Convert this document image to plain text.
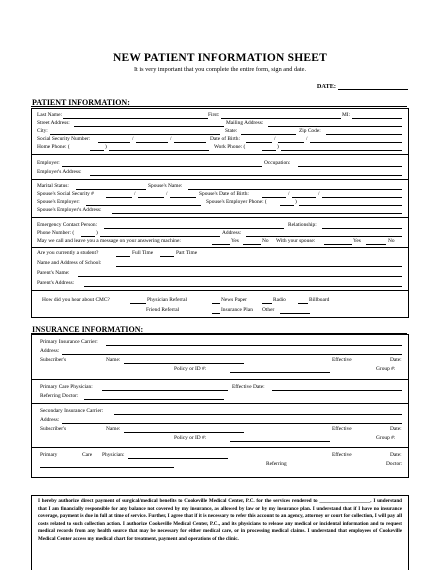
NEW PATIENT INFORMATION SHEET
It is very important that you complete the entire form, sign and date.
DATE:
PATIENT INFORMATION:
Last Name:	First:	MI:
Street Address:	Mailing Address:
City:	State:	Zip Code:
Social Security Number:	/	/	Date of Birth:	/	/
Home Phone: (	)	Work Phone: (	)
Employer:	Occupation:
Employer's Address:
Marital Status:	Spouse's Name:
Spouse's Social Security #	/	/	Spouse's Date of Birth:	/	/
Spouse's Employer:	Spouse's Employer Phone: (	)
Spouse's Employer's Address:
Emergency Contact Person:	Relationship:
Phone Number: (	)	Address:
May we call and leave you a message on your answering machine:	Yes	No With your spouse:	Yes	No
Are you currently a student?	Full Time	Part Time
Name and Address of School:
Parent's Name:
Parent's Address:
How did you hear about CMC?	Physician Referral	News Paper	Radio	Billboard
Friend Referral	Insurance Plan Other
INSURANCE INFORMATION:
Primary Insurance Carrier:
Address:
Subscriber's	Name:	Effective	Date:
Policy or ID #:	Group #:
Primary Care Physician:	Effective Date:
Referring Doctor:
Secondary Insurance Carrier:
Address:
Subscriber's	Name:	Effective	Date:
Policy or ID #:	Group #:
Primary	Care Physician:	Effective	Date:
Referring	Doctor:
I hereby authorize direct payment of surgical/medical benefits to Cookeville Medical Center, P.C. for the services rendered to ____________________. I understand that I am financially responsible for any balance not covered by my insurance, as allowed by law or by my insurance plan. I understand that if I have no insurance coverage, payment is due in full at time of service. Further, I agree that if it is necessary to refer this account to an agency, attorney or court for collection, I will pay all costs related to such collection action. I authorize Cookeville Medical Center, P.C., and its physicians to release any medical or incidental information and to request medical records from any health source that may be necessary for either medical care, or in processing medical claims. I understand that employees of Cookeville Medical Center access my medical chart for treatment, payment and operations of the clinic.
